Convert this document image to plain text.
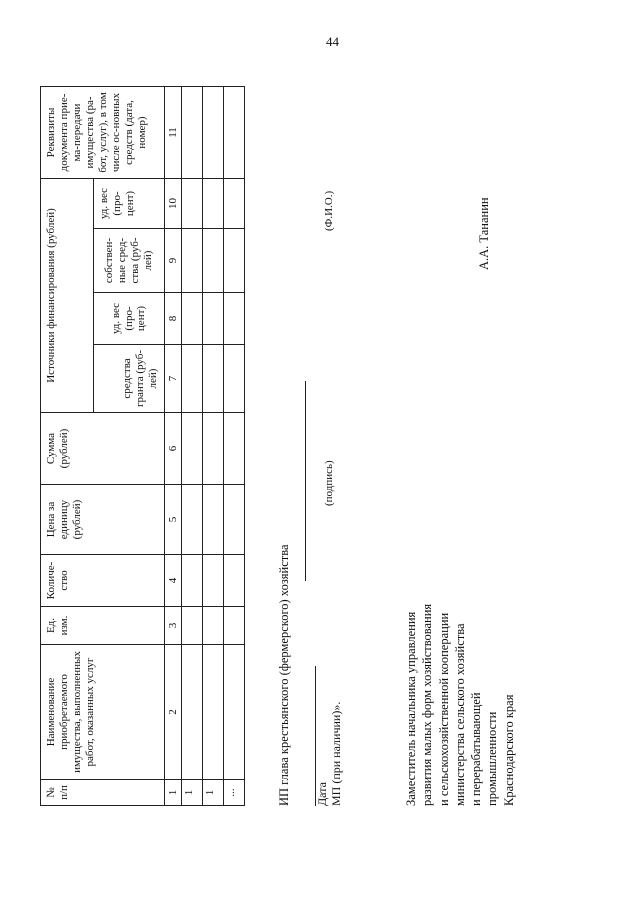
44
№ п/п	Наименование приобретаемого имущества, выполненных работ, оказанных услуг	Ед. изм.	Количе-ство	Цена за единицу (рублей)	Сумма (рублей)	Источники финансирования (рублей)				Реквизиты документа прие-ма-передачи имущества (ра-бот, услуг), в том числе ос-новных средств (дата, номер)
						средства гранта (руб-лей)	уд. вес (про-цент)	собствен-ные сред-ства (руб-лей)	уд. вес (про-цент)	
1	2	3	4	5	6	7	8	9	10	11
1										
1										
...											ИП глава крестьянского (фермерского) хозяйства
(подпись)
(Ф.И.О.)
Дата МП (при наличии)».	Заместитель начальника управления развития малых форм хозяйствования и сельскохозяйственной кооперации министерства сельского хозяйства и перерабатывающей промышленности Краснодарского края
А.А. Тананин
